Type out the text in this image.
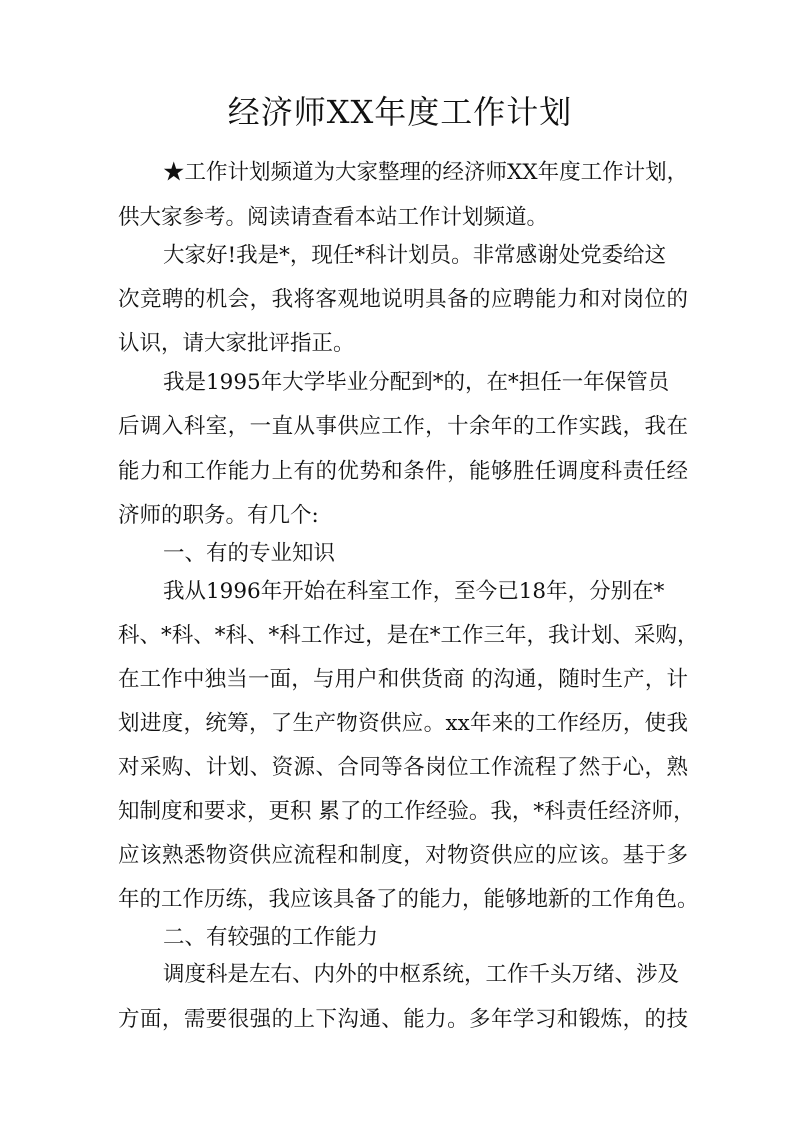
经济师XX年度工作计划
★工作计划频道为大家整理的经济师XX年度工作计划，
供大家参考。阅读请查看本站工作计划频道。
大家好!我是*，现任*科计划员。非常感谢处党委给这
次竞聘的机会，我将客观地说明具备的应聘能力和对岗位的
认识，请大家批评指正。
我是1995年大学毕业分配到*的，在*担任一年保管员
后调入科室，一直从事供应工作，十余年的工作实践，我在
能力和工作能力上有的优势和条件，能够胜任调度科责任经
济师的职务。有几个:
一、有的专业知识
我从1996年开始在科室工作，至今已18年，分别在*
科、*科、*科、*科工作过，是在*工作三年，我计划、采购，
在工作中独当一面，与用户和供货商 的沟通，随时生产，计
划进度，统筹，了生产物资供应。xx年来的工作经历，使我
对采购、计划、资源、合同等各岗位工作流程了然于心，熟
知制度和要求，更积 累了的工作经验。我，*科责任经济师，
应该熟悉物资供应流程和制度，对物资供应的应该。基于多
年的工作历练，我应该具备了的能力，能够地新的工作角色。
二、有较强的工作能力
调度科是左右、内外的中枢系统，工作千头万绪、涉及
方面，需要很强的上下沟通、能力。多年学习和锻炼，的技
